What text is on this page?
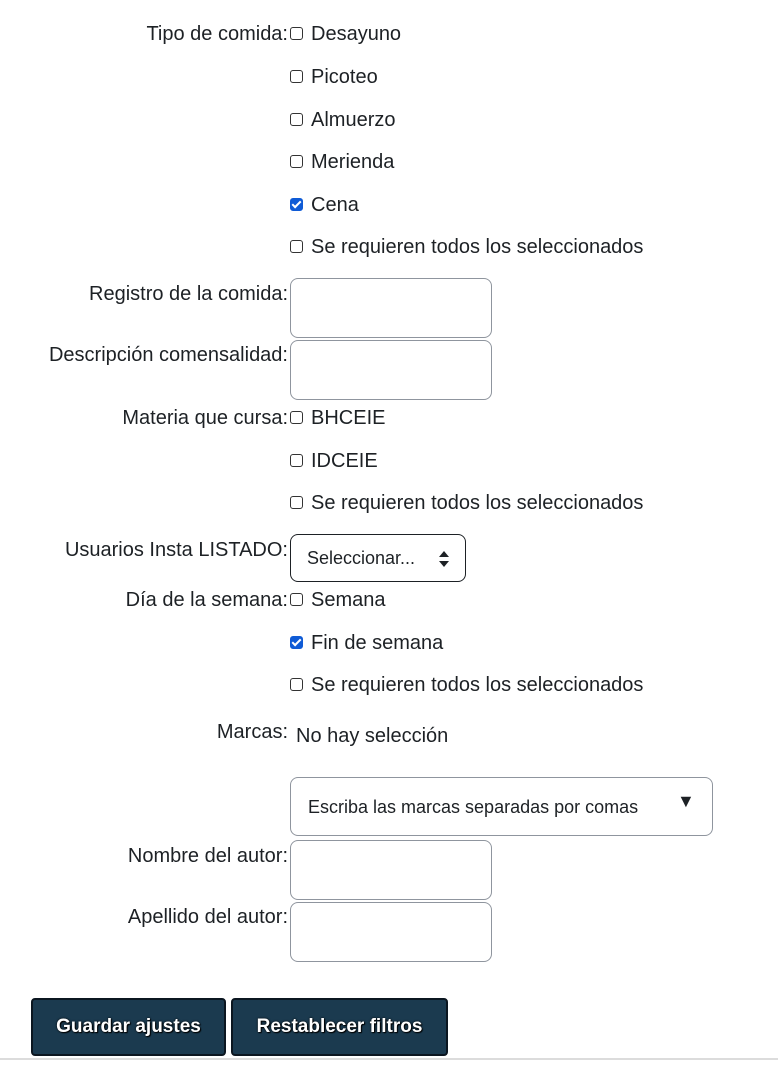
Tipo de comida: Desayuno
Picoteo
Almuerzo
Merienda
Cena
Se requieren todos los seleccionados
Registro de la comida:
Descripción comensalidad:
Materia que cursa: BHCEIE
IDCEIE
Se requieren todos los seleccionados
Usuarios Insta LISTADO: Seleccionar...
Día de la semana: Semana
Fin de semana
Se requieren todos los seleccionados
Marcas: No hay selección
Escriba las marcas separadas por comas ▼
Nombre del autor:
Apellido del autor:
Guardar ajustes	Restablecer filtros
